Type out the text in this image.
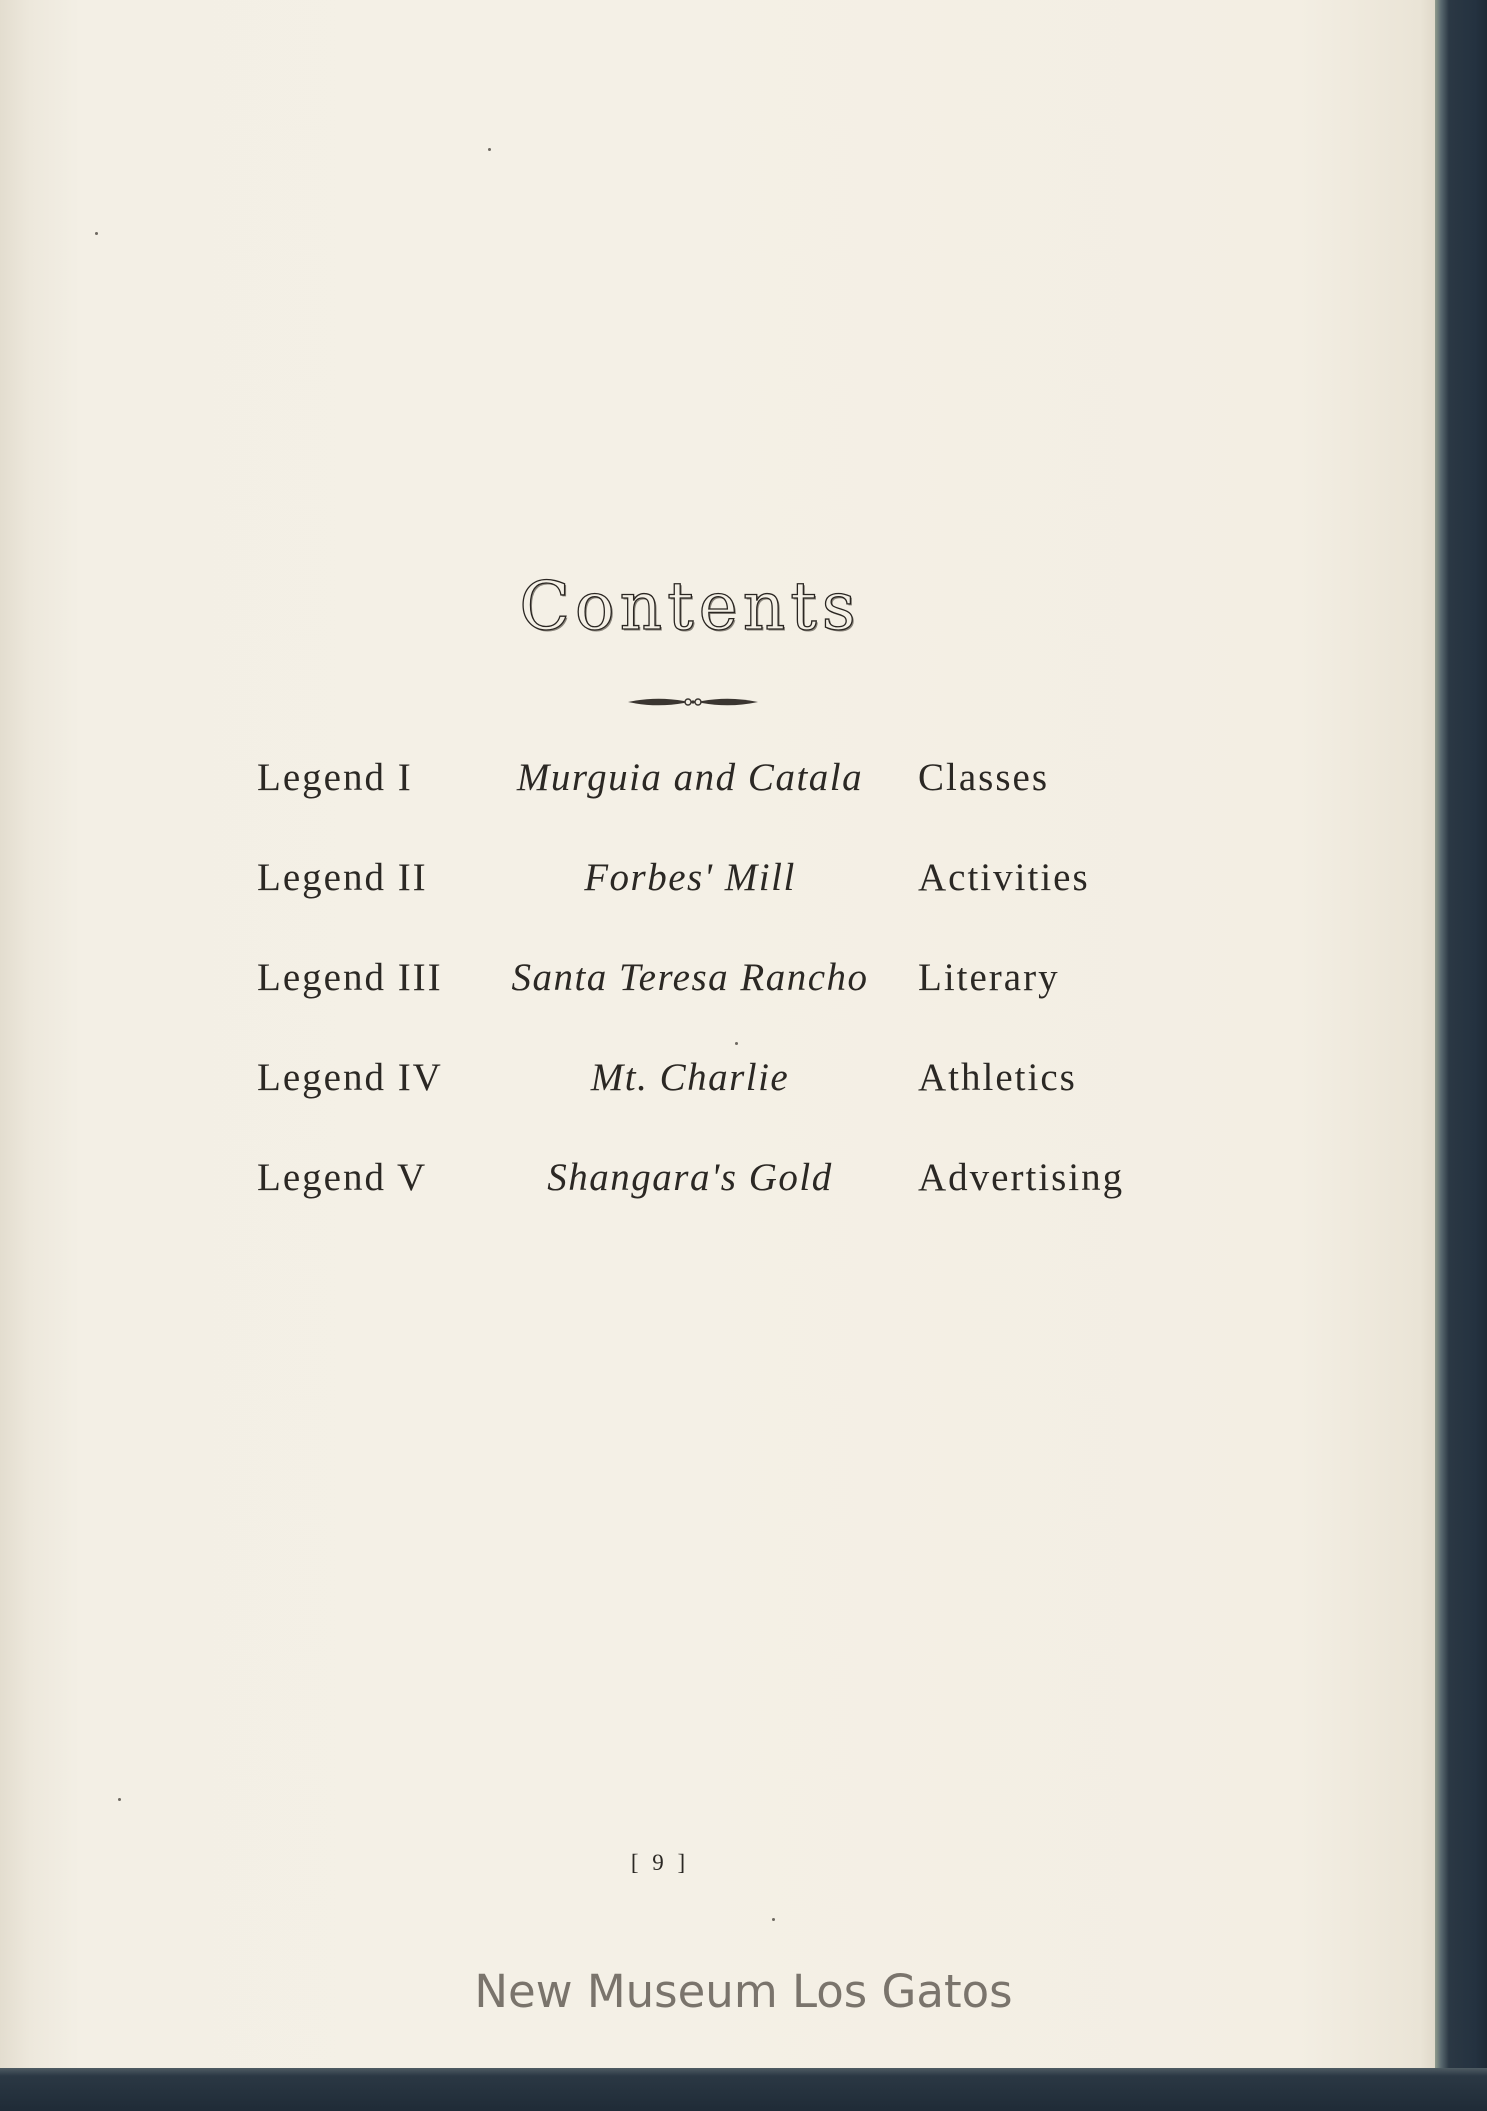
Contents
Legend I	Murguia and Catala	Classes
Legend II	Forbes' Mill	Activities
Legend III	Santa Teresa Rancho	Literary
Legend IV	Mt. Charlie	Athletics
Legend V	Shangara's Gold	Advertising
[ 9 ]
New Museum Los Gatos
